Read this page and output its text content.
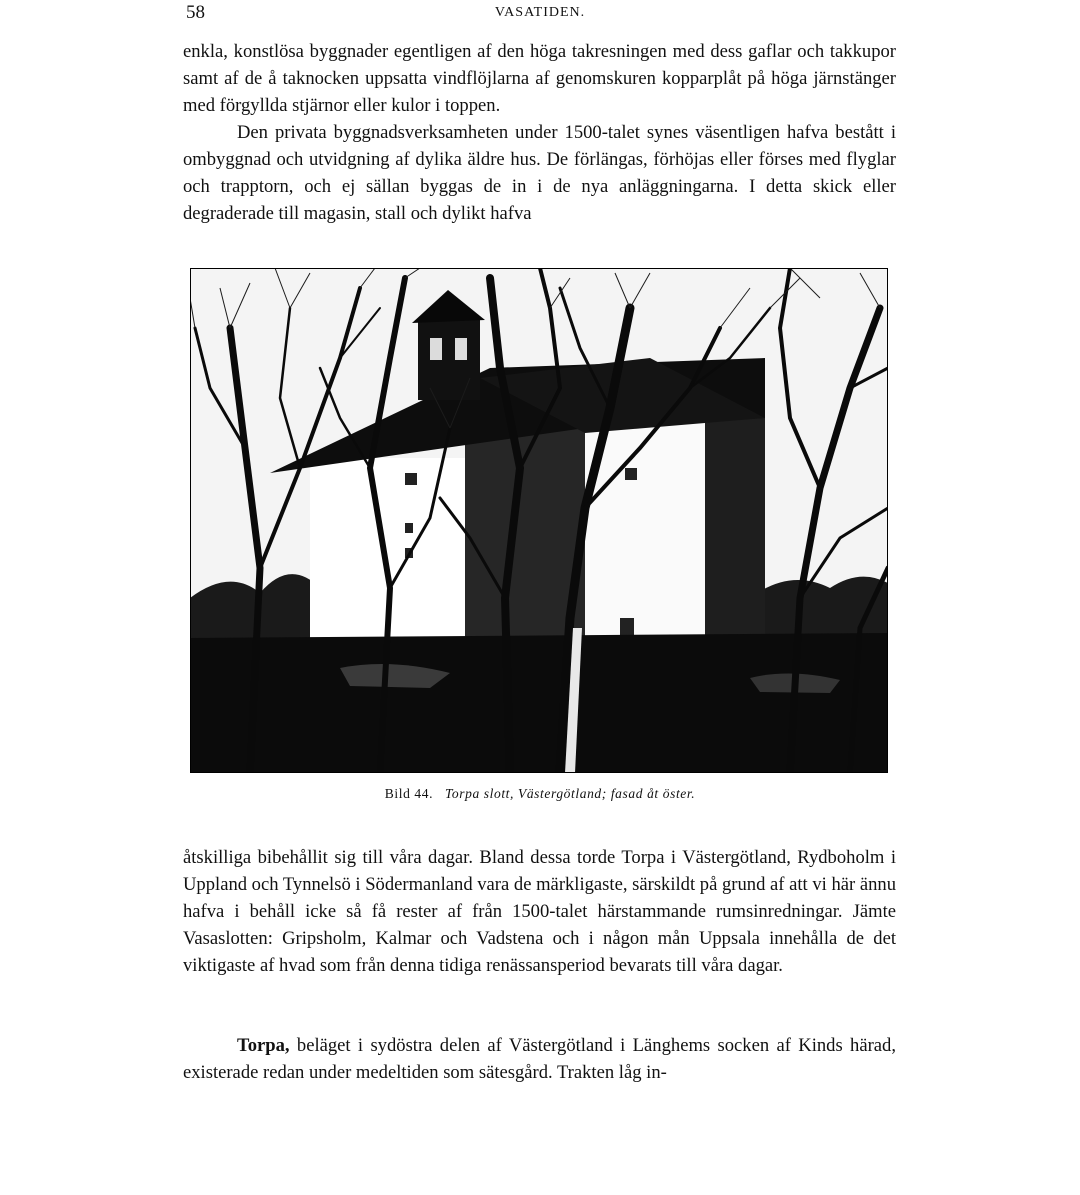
58	VASATIDEN.

enkla, konstlösa byggnader egentligen af den höga takresningen med dess gaflar och takkupor samt af de å taknocken uppsatta vindflöjlarna af genomskuren kopparplåt på höga järnstänger med förgyllda stjärnor eller kulor i toppen.

Den privata byggnadsverksamheten under 1500-talet synes väsentligen hafva bestått i ombyggnad och utvidgning af dylika äldre hus. De förlängas, förhöjas eller förses med flyglar och trapptorn, och ej sällan byggas de in i de nya anläggningarna. I detta skick eller degraderade till magasin, stall och dylikt hafva

Bild 44. Torpa slott, Västergötland; fasad åt öster.

åtskilliga bibehållit sig till våra dagar. Bland dessa torde Torpa i Västergötland, Rydboholm i Uppland och Tynnelsö i Södermanland vara de märkligaste, särskildt på grund af att vi här ännu hafva i behåll icke så få rester af från 1500-talet härstammande rumsinredningar. Jämte Vasaslotten: Gripsholm, Kalmar och Vadstena och i någon mån Uppsala innehålla de det viktigaste af hvad som från denna tidiga renässansperiod bevarats till våra dagar.

Torpa, beläget i sydöstra delen af Västergötland i Länghems socken af Kinds härad, existerade redan under medeltiden som sätesgård. Trakten låg in-
